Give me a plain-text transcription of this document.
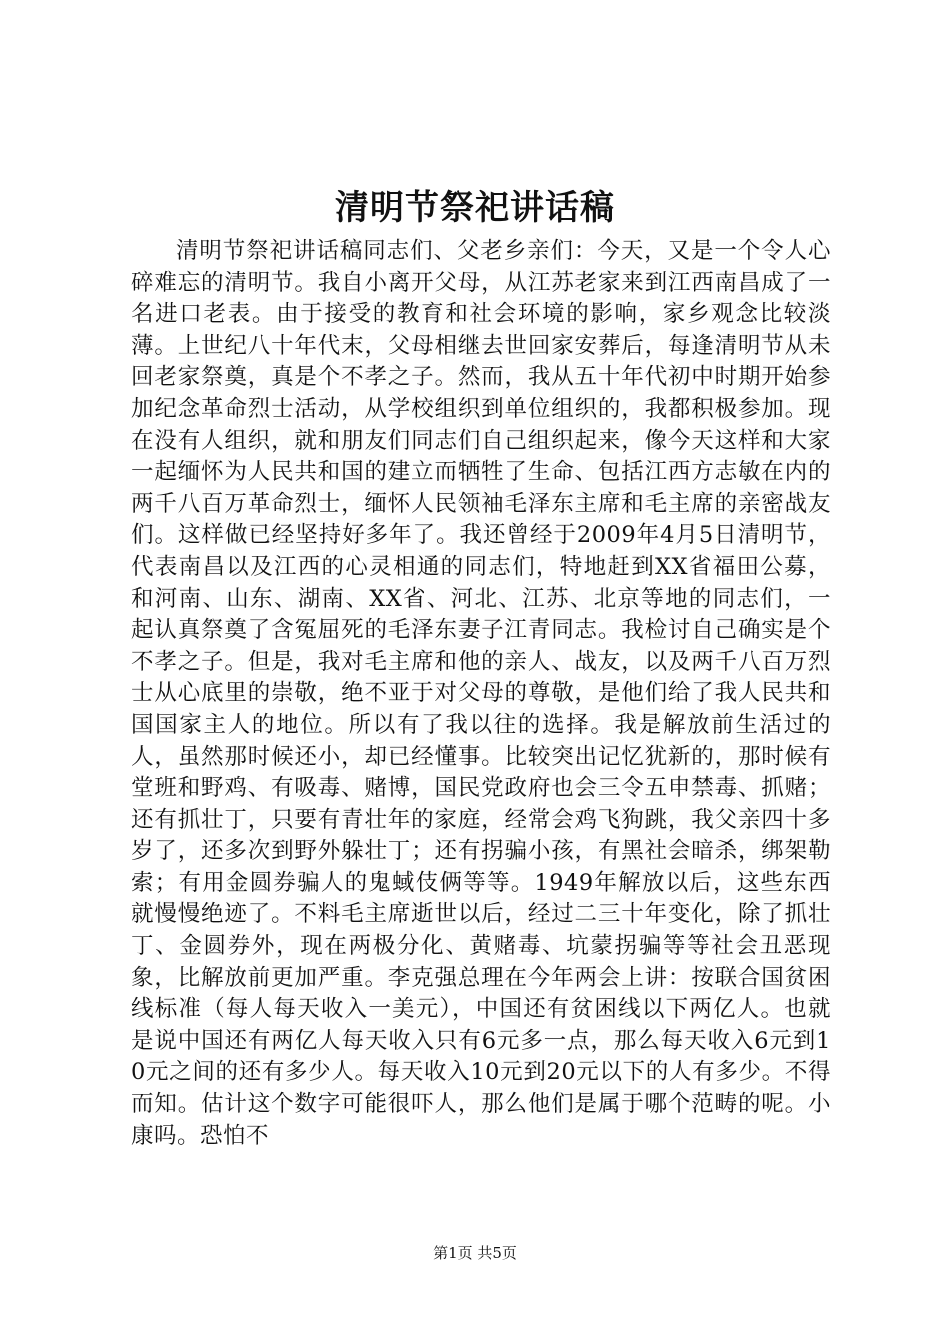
清明节祭祀讲话稿

清明节祭祀讲话稿同志们、父老乡亲们：今天，又是一个令人心碎难忘的清明节。我自小离开父母，从江苏老家来到江西南昌成了一名进口老表。由于接受的教育和社会环境的影响，家乡观念比较淡薄。上世纪八十年代末，父母相继去世回家安葬后，每逢清明节从未回老家祭奠，真是个不孝之子。然而，我从五十年代初中时期开始参加纪念革命烈士活动，从学校组织到单位组织的，我都积极参加。现在没有人组织，就和朋友们同志们自己组织起来，像今天这样和大家一起缅怀为人民共和国的建立而牺牲了生命、包括江西方志敏在内的两千八百万革命烈士，缅怀人民领袖毛泽东主席和毛主席的亲密战友们。这样做已经坚持好多年了。我还曾经于2009年4月5日清明节，代表南昌以及江西的心灵相通的同志们，特地赶到XX省福田公募，和河南、山东、湖南、XX省、河北、江苏、北京等地的同志们，一起认真祭奠了含冤屈死的毛泽东妻子江青同志。我检讨自己确实是个不孝之子。但是，我对毛主席和他的亲人、战友，以及两千八百万烈士从心底里的崇敬，绝不亚于对父母的尊敬，是他们给了我人民共和国国家主人的地位。所以有了我以往的选择。我是解放前生活过的人，虽然那时候还小，却已经懂事。比较突出记忆犹新的，那时候有堂班和野鸡、有吸毒、赌博，国民党政府也会三令五申禁毒、抓赌；还有抓壮丁，只要有青壮年的家庭，经常会鸡飞狗跳，我父亲四十多岁了，还多次到野外躲壮丁；还有拐骗小孩，有黑社会暗杀，绑架勒索；有用金圆券骗人的鬼蜮伎俩等等。1949年解放以后，这些东西就慢慢绝迹了。不料毛主席逝世以后，经过二三十年变化，除了抓壮丁、金圆券外，现在两极分化、黄赌毒、坑蒙拐骗等等社会丑恶现象，比解放前更加严重。李克强总理在今年两会上讲：按联合国贫困线标准（每人每天收入一美元），中国还有贫困线以下两亿人。也就是说中国还有两亿人每天收入只有6元多一点，那么每天收入6元到10元之间的还有多少人。每天收入10元到20元以下的人有多少。不得而知。估计这个数字可能很吓人，那么他们是属于哪个范畴的呢。小康吗。恐怕不

第1页 共5页
